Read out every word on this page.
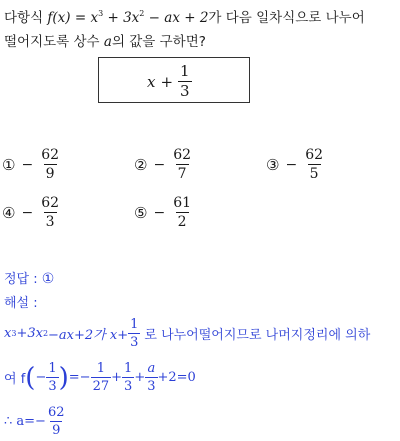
다항식 $f(x) = x^3 + 3x^2$ − ax + 2가 다음 일차식으로 나누어
떨어지도록 상수 a의 값을 구하면?
$x + \frac{1}{3}$
① − $\frac{62}{9}$	② − $\frac{62}{7}$	③ − $\frac{62}{5}$
④ − $\frac{62}{3}$	⑤ − $\frac{61}{2}$
정답 : ①
해설 :
x 3 +3x 2 −ax+2가 $x+ \frac{1}{3}$ 로 나누어떨어지므로 나머지정리에 의하
여 f ( − $\frac{1}{3}$ ) =− $\frac{1}{27} + \frac{1}{3} + \frac{a}{3} +2=0$
∴ $a=- \frac{62}{9}$
